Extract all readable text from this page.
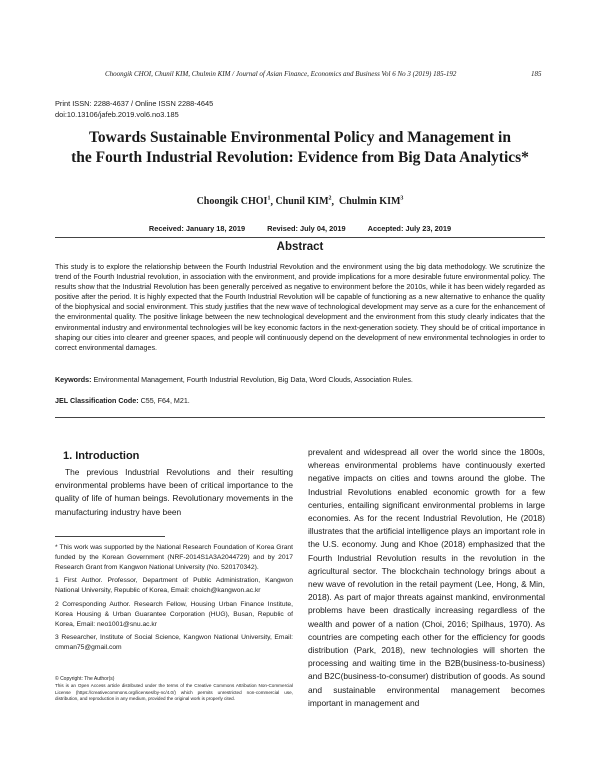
Choongik CHOI, Chunil KIM, Chulmin KIM / Journal of Asian Finance, Economics and Business Vol 6 No 3 (2019) 185-192	185
Print ISSN: 2288-4637 / Online ISSN 2288-4645
doi:10.13106/jafeb.2019.vol6.no3.185
Towards Sustainable Environmental Policy and Management in
the Fourth Industrial Revolution: Evidence from Big Data Analytics*
Choongik CHOI$^1$, Chunil KIM$^2$,  Chulmin KIM$^3$
Received: January 18, 2019	Revised: July 04, 2019	Accepted: July 23, 2019
Abstract
This study is to explore the relationship between the Fourth Industrial Revolution and the environment using the big data methodology. We scrutinize the trend of the Fourth Industrial revolution, in association with the environment, and provide implications for a more desirable future environmental policy. The results show that the Industrial Revolution has been generally perceived as negative to environment before the 2010s, while it has been widely regarded as positive after the period. It is highly expected that the Fourth Industrial Revolution will be capable of functioning as a new alternative to enhance the quality of the biophysical and social environment. This study justifies that the new wave of technological development may serve as a cure for the enhancement of the environmental quality. The positive linkage between the new technological development and the environment from this study clearly indicates that the environmental industry and environmental technologies will be key economic factors in the next-generation society. They should be of critical importance in shaping our cities into clearer and greener spaces, and people will continuously depend on the development of new environmental technologies in order to correct environmental damages.
Keywords: Environmental Management, Fourth Industrial Revolution, Big Data, Word Clouds, Association Rules.
JEL Classification Code: C55, F64, M21.
1. Introduction

The previous Industrial Revolutions and their resulting environmental problems have been of critical importance to the quality of life of human beings. Revolutionary movements in the manufacturing industry have been

* This work was supported by the National Research Foundation of Korea Grant funded by the Korean Government (NRF-2014S1A3A2044729) and by 2017 Research Grant from Kangwon National University (No. 520170342).
1 First Author. Professor, Department of Public Administration, Kangwon National University, Republic of Korea, Email: choich@kangwon.ac.kr
2 Corresponding Author. Research Fellow, Housing Urban Finance Institute, Korea Housing & Urban Guarantee Corporation (HUG), Busan, Republic of Korea, Email: neo1001@snu.ac.kr
3 Researcher, Institute of Social Science, Kangwon National University, Email: cmman75@gmail.com
© Copyright: The Author(s)
This is an Open Access article distributed under the terms of the Creative Commons Attribution Non-Commercial License (https://creativecommons.org/licenses/by-nc/4.0/) which permits unrestricted non-commercial use, distribution, and reproduction in any medium, provided the original work is properly cited.

prevalent and widespread all over the world since the 1800s, whereas environmental problems have continuously exerted negative impacts on cities and towns around the globe. The Industrial Revolutions enabled economic growth for a few centuries, entailing significant environmental problems in large economies. As for the recent Industrial Revolution, He (2018) illustrates that the artificial intelligence plays an important role in the U.S. economy. Jung and Khoe (2018) emphasized that the Fourth Industrial Revolution results in the revolution in the agricultural sector. The blockchain technology brings about a new wave of revolution in the retail payment (Lee, Hong, & Min, 2018). As part of major threats against mankind, environmental problems have been drastically increasing regardless of the wealth and power of a nation (Choi, 2016; Spilhaus, 1970). As countries are competing each other for the efficiency for goods distribution (Park, 2018), new technologies will shorten the processing and waiting time in the B2B(business-to-business) and B2C(business-to-consumer) distribution of goods. As sound and sustainable environmental management becomes important in management and
